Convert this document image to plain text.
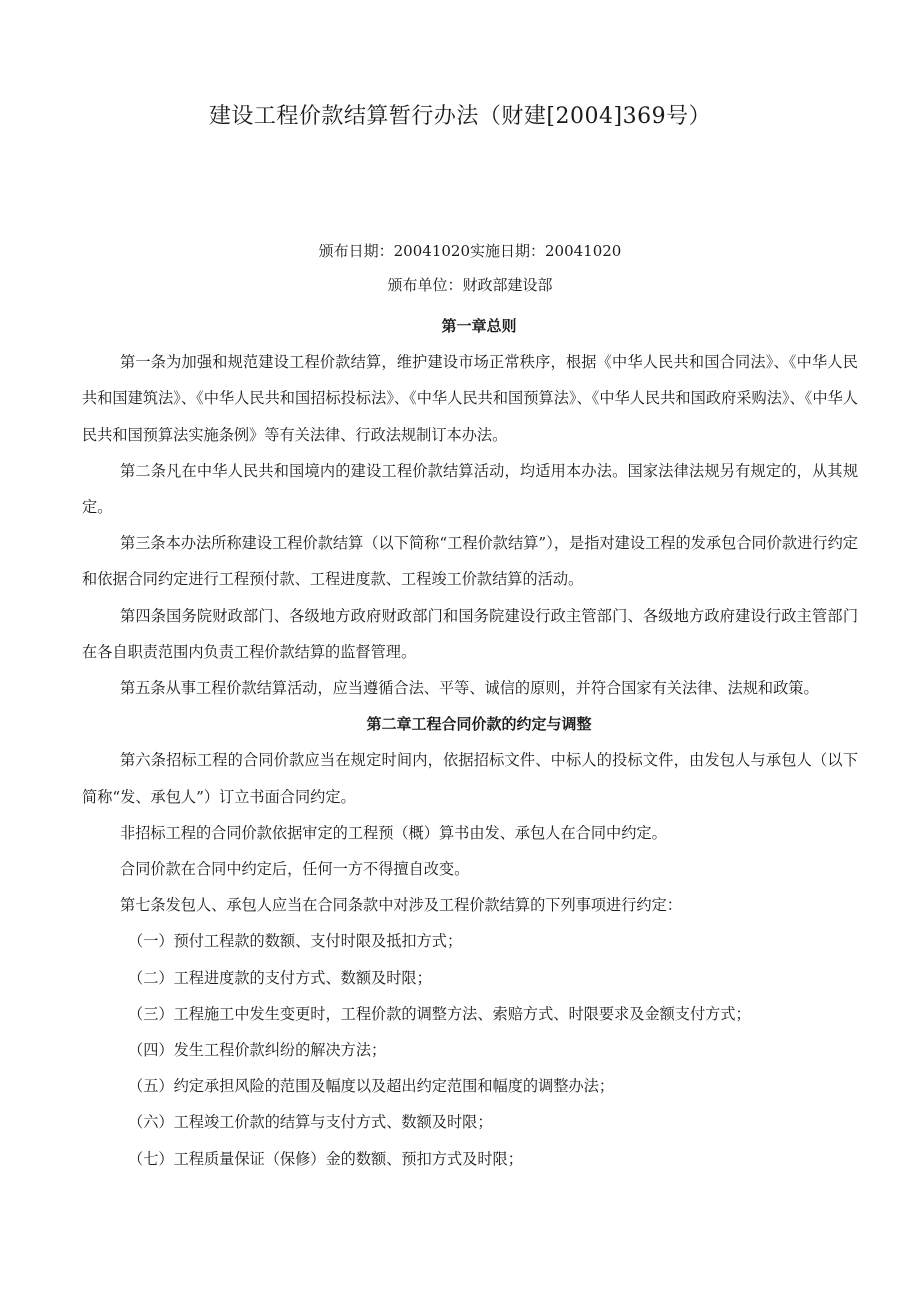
建设工程价款结算暂行办法（财建[2004]369号）
颁布日期：20041020实施日期：20041020
颁布单位：财政部建设部
第一章总则

第一条为加强和规范建设工程价款结算，维护建设市场正常秩序，根据《中华人民共和国合同法》、《中华人民共和国建筑法》、《中华人民共和国招标投标法》、《中华人民共和国预算法》、《中华人民共和国政府采购法》、《中华人民共和国预算法实施条例》等有关法律、行政法规制订本办法。

第二条凡在中华人民共和国境内的建设工程价款结算活动，均适用本办法。国家法律法规另有规定的，从其规定。

第三条本办法所称建设工程价款结算（以下简称“工程价款结算”），是指对建设工程的发承包合同价款进行约定和依据合同约定进行工程预付款、工程进度款、工程竣工价款结算的活动。

第四条国务院财政部门、各级地方政府财政部门和国务院建设行政主管部门、各级地方政府建设行政主管部门在各自职责范围内负责工程价款结算的监督管理。

第五条从事工程价款结算活动，应当遵循合法、平等、诚信的原则，并符合国家有关法律、法规和政策。

第二章工程合同价款的约定与调整

第六条招标工程的合同价款应当在规定时间内，依据招标文件、中标人的投标文件，由发包人与承包人（以下简称“发、承包人”）订立书面合同约定。

非招标工程的合同价款依据审定的工程预（概）算书由发、承包人在合同中约定。

合同价款在合同中约定后，任何一方不得擅自改变。

第七条发包人、承包人应当在合同条款中对涉及工程价款结算的下列事项进行约定：

（一）预付工程款的数额、支付时限及抵扣方式；

（二）工程进度款的支付方式、数额及时限；

（三）工程施工中发生变更时，工程价款的调整方法、索赔方式、时限要求及金额支付方式；

（四）发生工程价款纠纷的解决方法；

（五）约定承担风险的范围及幅度以及超出约定范围和幅度的调整办法；

（六）工程竣工价款的结算与支付方式、数额及时限；

（七）工程质量保证（保修）金的数额、预扣方式及时限；
